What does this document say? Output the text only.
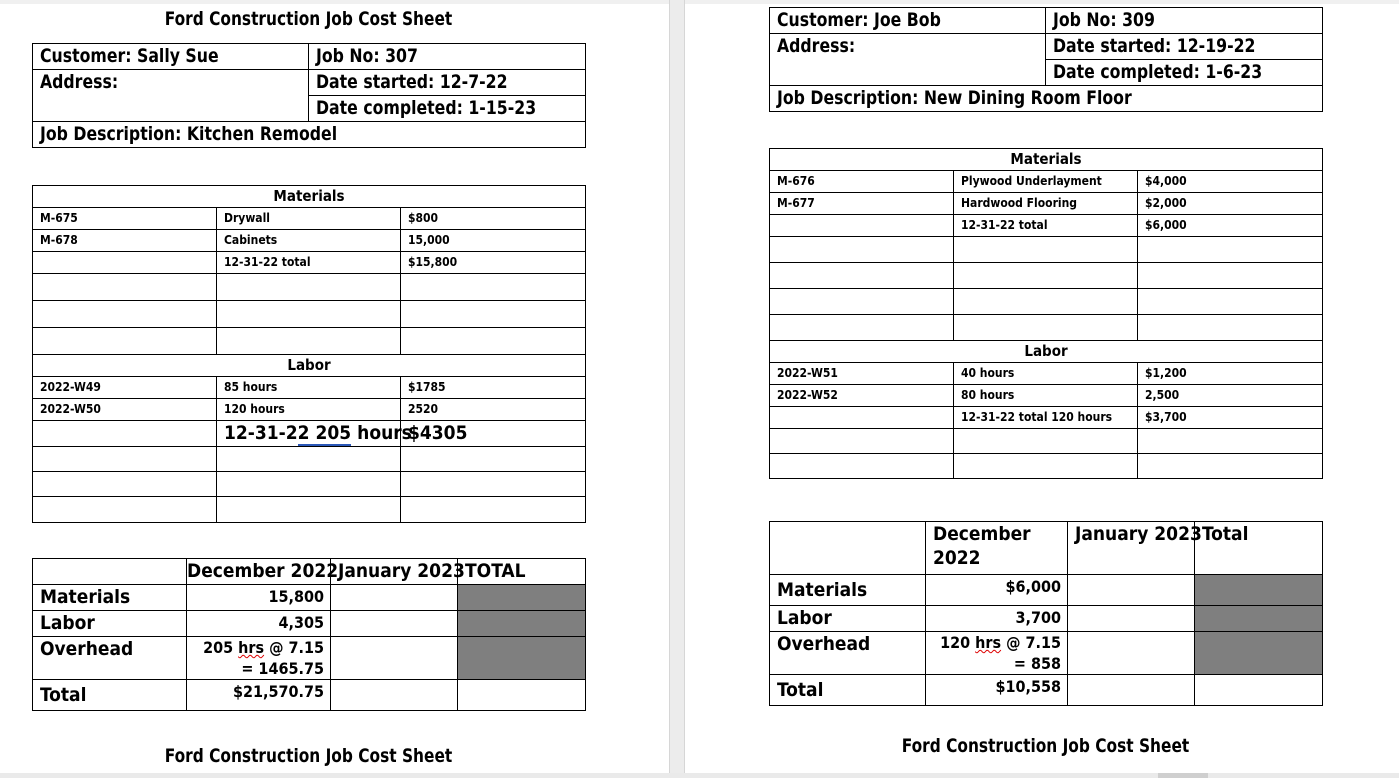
Ford Construction Job Cost Sheet
Customer: Sally Sue	Job No: 307
Address:	Date started: 12-7-22
	Date completed: 1-15-23
Job Description: Kitchen Remodel	
Materials		
M-675	Drywall	$800
M-678	Cabinets	15,000
	12-31-22 total	$15,800

Labor		
2022-W49	85 hours	$1785
2022-W50	120 hours	2520
	12-31-22 205 hours	$4305

	December 2022	January 2023	TOTAL
Materials	15,800		
Labor	4,305		
Overhead	205 hrs @ 7.15 = 1465.75		
Total	$21,570.75		
Ford Construction Job Cost Sheet
Customer: Joe Bob	Job No: 309
Address:	Date started: 12-19-22
	Date completed: 1-6-23
Job Description: New Dining Room Floor	
Materials		
M-676	Plywood Underlayment	$4,000
M-677	Hardwood Flooring	$2,000
	12-31-22 total	$6,000

Labor		
2022-W51	40 hours	$1,200
2022-W52	80 hours	2,500
	12-31-22 total 120 hours	$3,700

	December 2022	January 2023	Total
Materials	$6,000		
Labor	3,700		
Overhead	120 hrs @ 7.15 = 858		
Total	$10,558		
Ford Construction Job Cost Sheet
